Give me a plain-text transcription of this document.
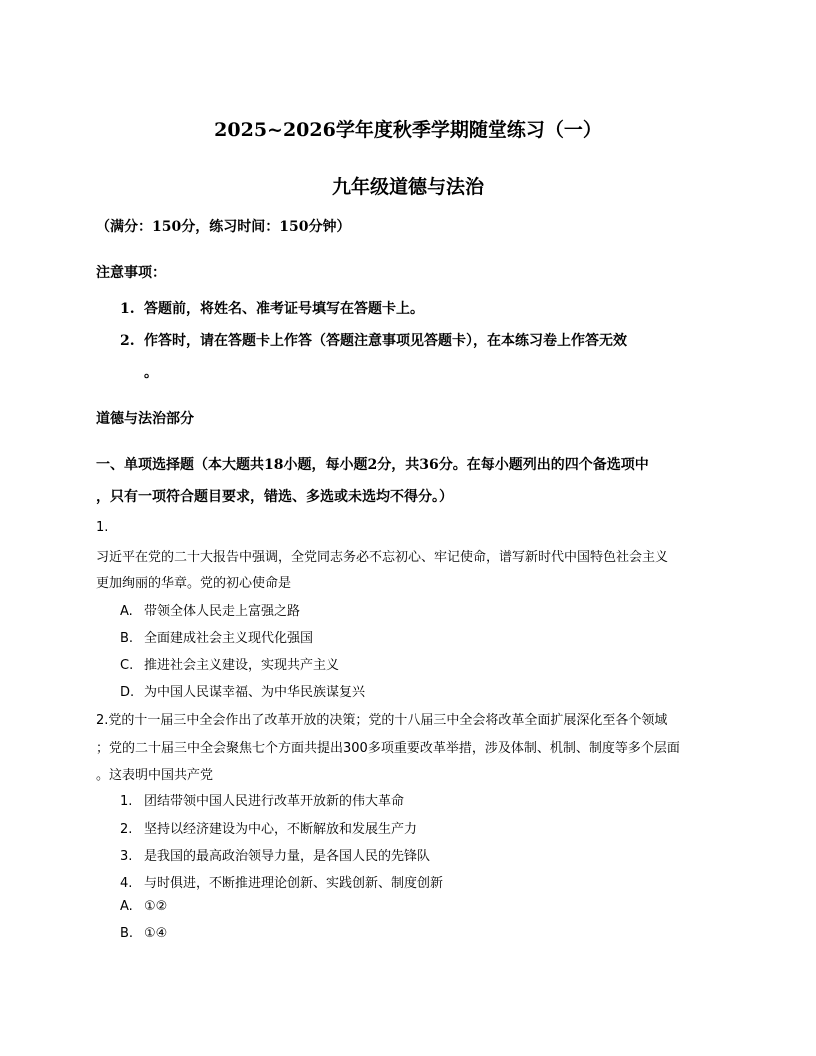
2025~2026学年度秋季学期随堂练习（一）
九年级道德与法治
（满分：150分，练习时间：150分钟）
注意事项：
1. 答题前，将姓名、准考证号填写在答题卡上。
2. 作答时，请在答题卡上作答（答题注意事项见答题卡），在本练习卷上作答无效
。
道德与法治部分
一、单项选择题（本大题共18小题，每小题2分，共36分。在每小题列出的四个备选项中
，只有一项符合题目要求，错选、多选或未选均不得分。）
1.
习近平在党的二十大报告中强调，全党同志务必不忘初心、牢记使命，谱写新时代中国特色社会主义
更加绚丽的华章。党的初心使命是
A. 带领全体人民走上富强之路
B. 全面建成社会主义现代化强国
C. 推进社会主义建设，实现共产主义
D. 为中国人民谋幸福、为中华民族谋复兴
2.党的十一届三中全会作出了改革开放的决策；党的十八届三中全会将改革全面扩展深化至各个领域
；党的二十届三中全会聚焦七个方面共提出300多项重要改革举措，涉及体制、机制、制度等多个层面
。这表明中国共产党
1. 团结带领中国人民进行改革开放新的伟大革命
2. 坚持以经济建设为中心，不断解放和发展生产力
3. 是我国的最高政治领导力量，是各国人民的先锋队
4. 与时俱进，不断推进理论创新、实践创新、制度创新
A. ①②
B. ①④
